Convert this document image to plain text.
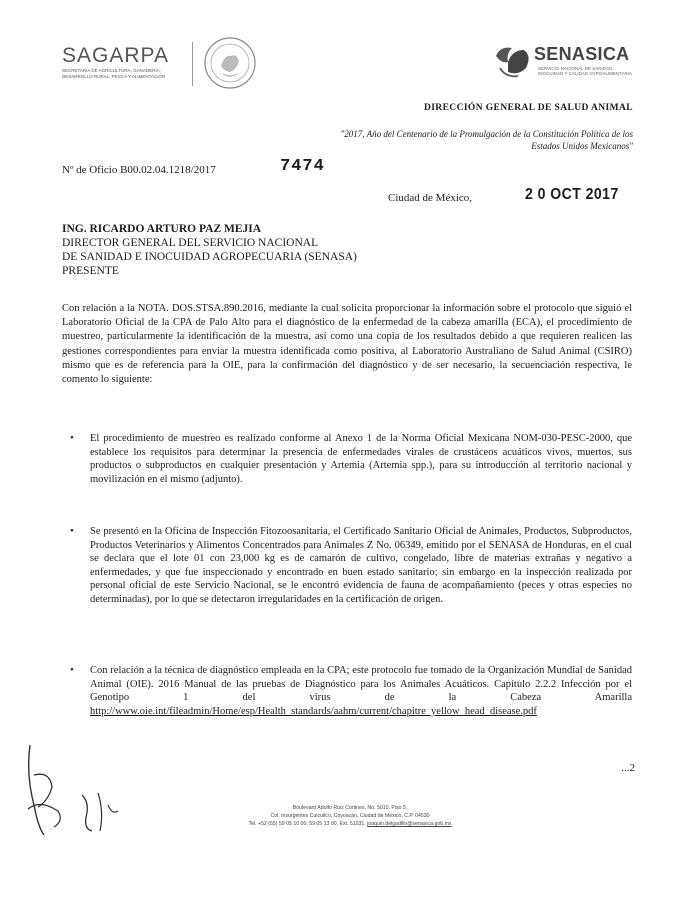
SAGARPA
SECRETARÍA DE AGRICULTURA, GANADERÍA, DESARROLLO RURAL, PESCA Y ALIMENTACIÓN
SENASICA
SERVICIO NACIONAL DE SANIDAD, INOCUIDAD Y CALIDAD AGROALIMENTARIA
DIRECCIÓN GENERAL DE SALUD ANIMAL
"2017, Año del Centenario de la Promulgación de la Constitución Política de los Estados Unidos Mexicanos"
Nº de Oficio B00.02.04.1218/2017	7474
Ciudad de México,	2 0 OCT 2017
ING. RICARDO ARTURO PAZ MEJIA
DIRECTOR GENERAL DEL SERVICIO NACIONAL
DE SANIDAD E INOCUIDAD AGROPECUARIA (SENASA)
PRESENTE
Con relación a la NOTA. DOS.STSA.890.2016, mediante la cual solicita proporcionar la información sobre el protocolo que siguió el Laboratorio Oficial de la CPA de Palo Alto para el diagnóstico de la enfermedad de la cabeza amarilla (ECA), el procedimiento de muestreo, particularmente la identificación de la muestra, así como una copia de los resultados debido a que requieren realicen las gestiones correspondientes para enviar la muestra identificada como positiva, al Laboratorio Australiano de Salud Animal (CSIRO) mismo que es de referencia para la OIE, para la confirmación del diagnóstico y de ser necesario, la secuenciación respectiva, le comento lo siguiente:
• El procedimiento de muestreo es realizado conforme al Anexo 1 de la Norma Oficial Mexicana NOM-030-PESC-2000, que establece los requisitos para determinar la presencia de enfermedades virales de crustáceos acuáticos vivos, muertos, sus productos o subproductos en cualquier presentación y Artemia (Artemia spp.), para su introducción al territorio nacional y movilización en el mismo (adjunto).
• Se presentó en la Oficina de Inspección Fitozoosanitaria, el Certificado Sanitario Oficial de Animales, Productos, Subproductos, Productos Veterinarios y Alimentos Concentrados para Animales Z No. 06349, emitido por el SENASA de Honduras, en el cual se declara que el lote 01 con 23,000 kg es de camarón de cultivo, congelado, libre de materias extrañas y negativo a enfermedades, y que fue inspeccionado y encontrado en buen estado sanitario; sin embargo en la inspección realizada por personal oficial de este Servicio Nacional, se le encontró evidencia de fauna de acompañamiento (peces y otras especies no determinadas), por lo que se detectaron irregularidades en la certificación de origen.
• Con relación a la técnica de diagnóstico empleada en la CPA; este protocolo fue tomado de la Organización Mundial de Sanidad Animal (OIE). 2016 Manual de las pruebas de Diagnóstico para los Animales Acuáticos. Capítulo 2.2.2 Infección por el Genotipo 1 del virus de la Cabeza Amarilla http://www.oie.int/fileadmin/Home/esp/Health_standards/aahm/current/chapitre_yellow_head_disease.pdf
...2
Boulevard Adolfo Ruiz Cortines, No. 5010, Piso 5,
Col. Insurgentes Cuicuilco, Coyoacán, Ciudad de México, C.P. 04530
Tel. +52 (55) 59 05 10 00, 59 05 13 00, Ext. 51031. joaquin.delgadillo@senasica.gob.mx
